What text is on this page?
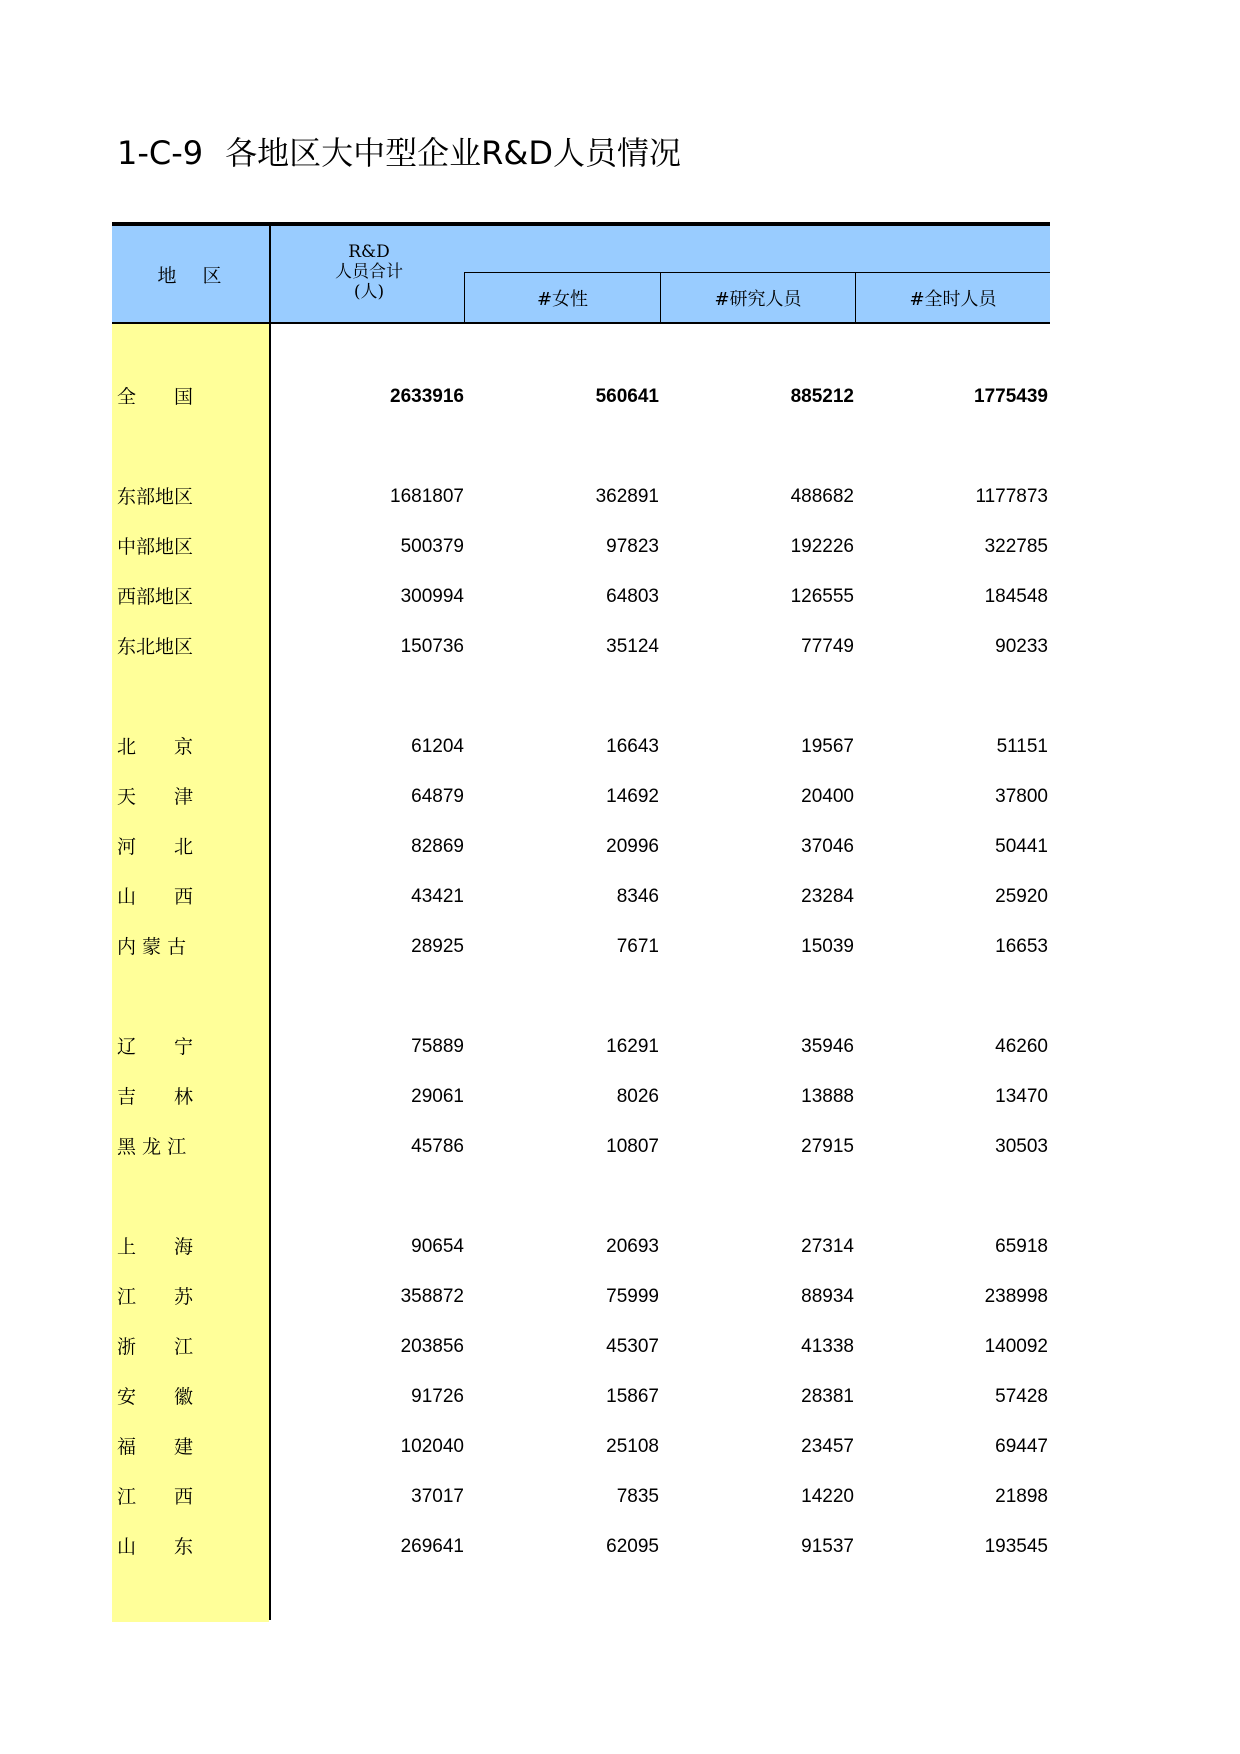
1-C-9 各地区大中型企业R&D人员情况
地 区
R&D
人员合计
(人)	#女性	#研究人员	#全时人员
全　　国	2633916	560641	885212	1775439
东部地区	1681807	362891	488682	1177873
中部地区	500379	97823	192226	322785
西部地区	300994	64803	126555	184548
东北地区	150736	35124	77749	90233
北　　京	61204	16643	19567	51151
天　　津	64879	14692	20400	37800
河　　北	82869	20996	37046	50441
山　　西	43421	8346	23284	25920
内 蒙 古	28925	7671	15039	16653
辽　　宁	75889	16291	35946	46260
吉　　林	29061	8026	13888	13470
黑 龙 江	45786	10807	27915	30503
上　　海	90654	20693	27314	65918
江　　苏	358872	75999	88934	238998
浙　　江	203856	45307	41338	140092
安　　徽	91726	15867	28381	57428
福　　建	102040	25108	23457	69447
江　　西	37017	7835	14220	21898
山　　东	269641	62095	91537	193545
